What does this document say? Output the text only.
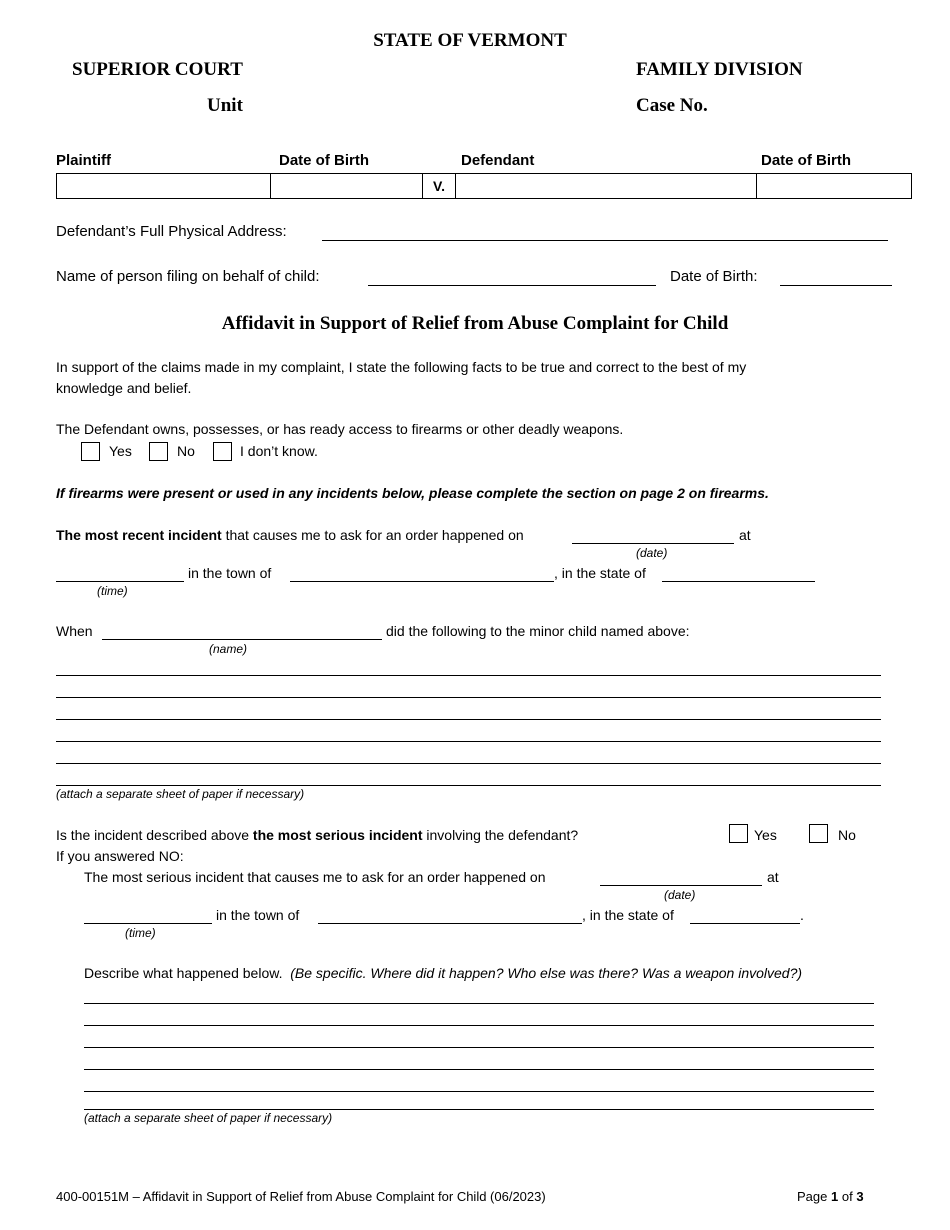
STATE OF VERMONT
SUPERIOR COURT	FAMILY DIVISION
Unit	Case No.
Plaintiff	Date of Birth	Defendant	Date of Birth

	V.	

Defendant’s Full Physical Address:
Name of person filing on behalf of child:	Date of Birth:
Affidavit in Support of Relief from Abuse Complaint for Child
In support of the claims made in my complaint, I state the following facts to be true and correct to the best of my
knowledge and belief.
The Defendant owns, possesses, or has ready access to firearms or other deadly weapons.
Yes	No	I don’t know.
If firearms were present or used in any incidents below, please complete the section on page 2 on firearms.
The most recent incident that causes me to ask for an order happened on	at
(date)
in the town of	, in the state of
(time)
When	did the following to the minor child named above:
(name)
(attach a separate sheet of paper if necessary)
Is the incident described above the most serious incident involving the defendant?	Yes	No
If you answered NO:
The most serious incident that causes me to ask for an order happened on	at
(date)
in the town of	, in the state of	.
(time)
Describe what happened below. (Be specific. Where did it happen? Who else was there? Was a weapon involved?)
(attach a separate sheet of paper if necessary)
400-00151M – Affidavit in Support of Relief from Abuse Complaint for Child (06/2023)	Page 1 of 3
